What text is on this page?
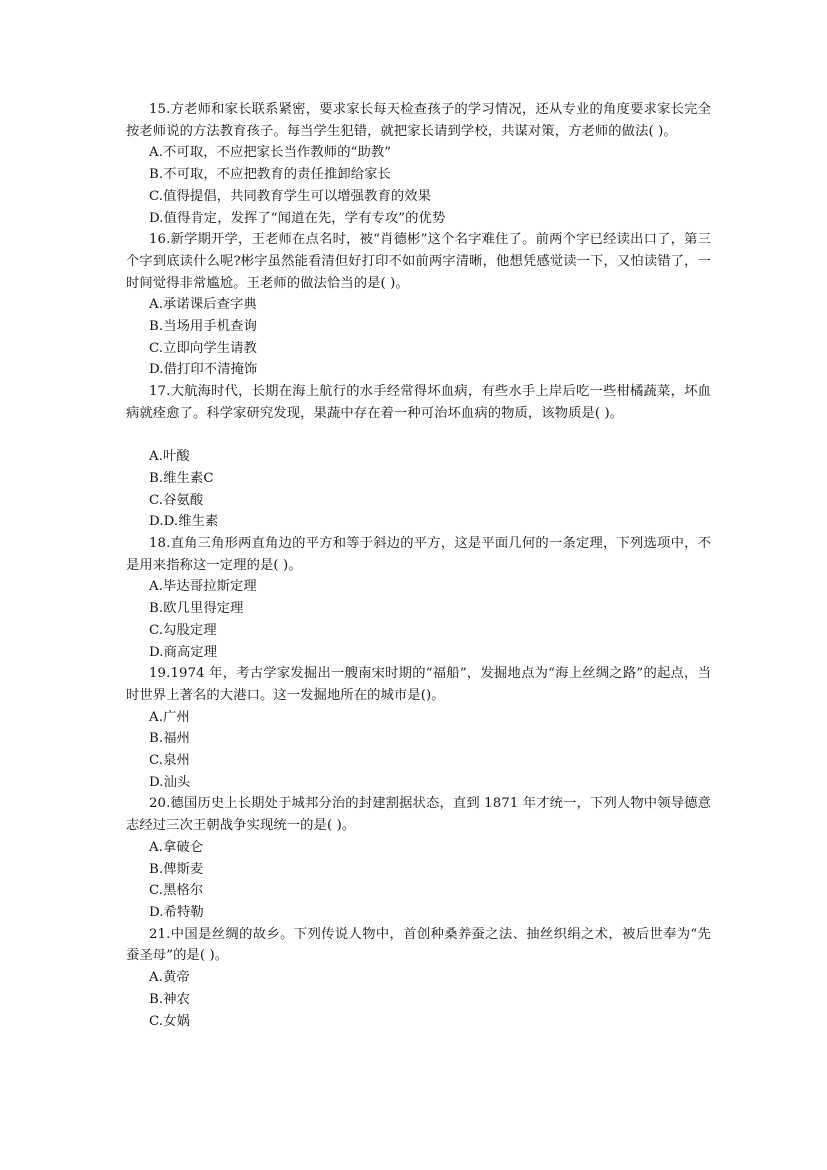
15.方老师和家长联系紧密，要求家长每天检查孩子的学习情况，还从专业的角度要求家长完全按老师说的方法教育孩子。每当学生犯错，就把家长请到学校，共谋对策，方老师的做法( )。

A.不可取，不应把家长当作教师的“助教”

B.不可取，不应把教育的责任推卸给家长

C.值得提倡，共同教育学生可以增强教育的效果

D.值得肯定，发挥了“闻道在先，学有专攻”的优势

16.新学期开学，王老师在点名时，被“肖德彬”这个名字难住了。前两个字已经读出口了，第三个字到底读什么呢?彬字虽然能看清但好打印不如前两字清晰，他想凭感觉读一下，又怕读错了，一时间觉得非常尴尬。王老师的做法恰当的是( )。

A.承诺课后查字典

B.当场用手机查询

C.立即向学生请教

D.借打印不清掩饰

17.大航海时代，长期在海上航行的水手经常得坏血病，有些水手上岸后吃一些柑橘蔬菜，坏血病就痊愈了。科学家研究发现，果蔬中存在着一种可治坏血病的物质，该物质是( )。

A.叶酸

B.维生素C

C.谷氨酸

D.D.维生素

18.直角三角形两直角边的平方和等于斜边的平方，这是平面几何的一条定理，下列选项中，不是用来指称这一定理的是( )。

A.毕达哥拉斯定理

B.欧几里得定理

C.勾股定理

D.商高定理

19.1974 年，考古学家发掘出一艘南宋时期的“福船”，发掘地点为“海上丝绸之路”的起点，当时世界上著名的大港口。这一发掘地所在的城市是()。

A.广州

B.福州

C.泉州

D.汕头

20.德国历史上长期处于城邦分治的封建割据状态，直到 1871 年才统一，下列人物中领导德意志经过三次王朝战争实现统一的是( )。

A.拿破仑

B.俾斯麦

C.黑格尔

D.希特勒

21.中国是丝绸的故乡。下列传说人物中，首创种桑养蚕之法、抽丝织绢之术，被后世奉为“先蚕圣母”的是( )。

A.黄帝

B.神农

C.女娲
